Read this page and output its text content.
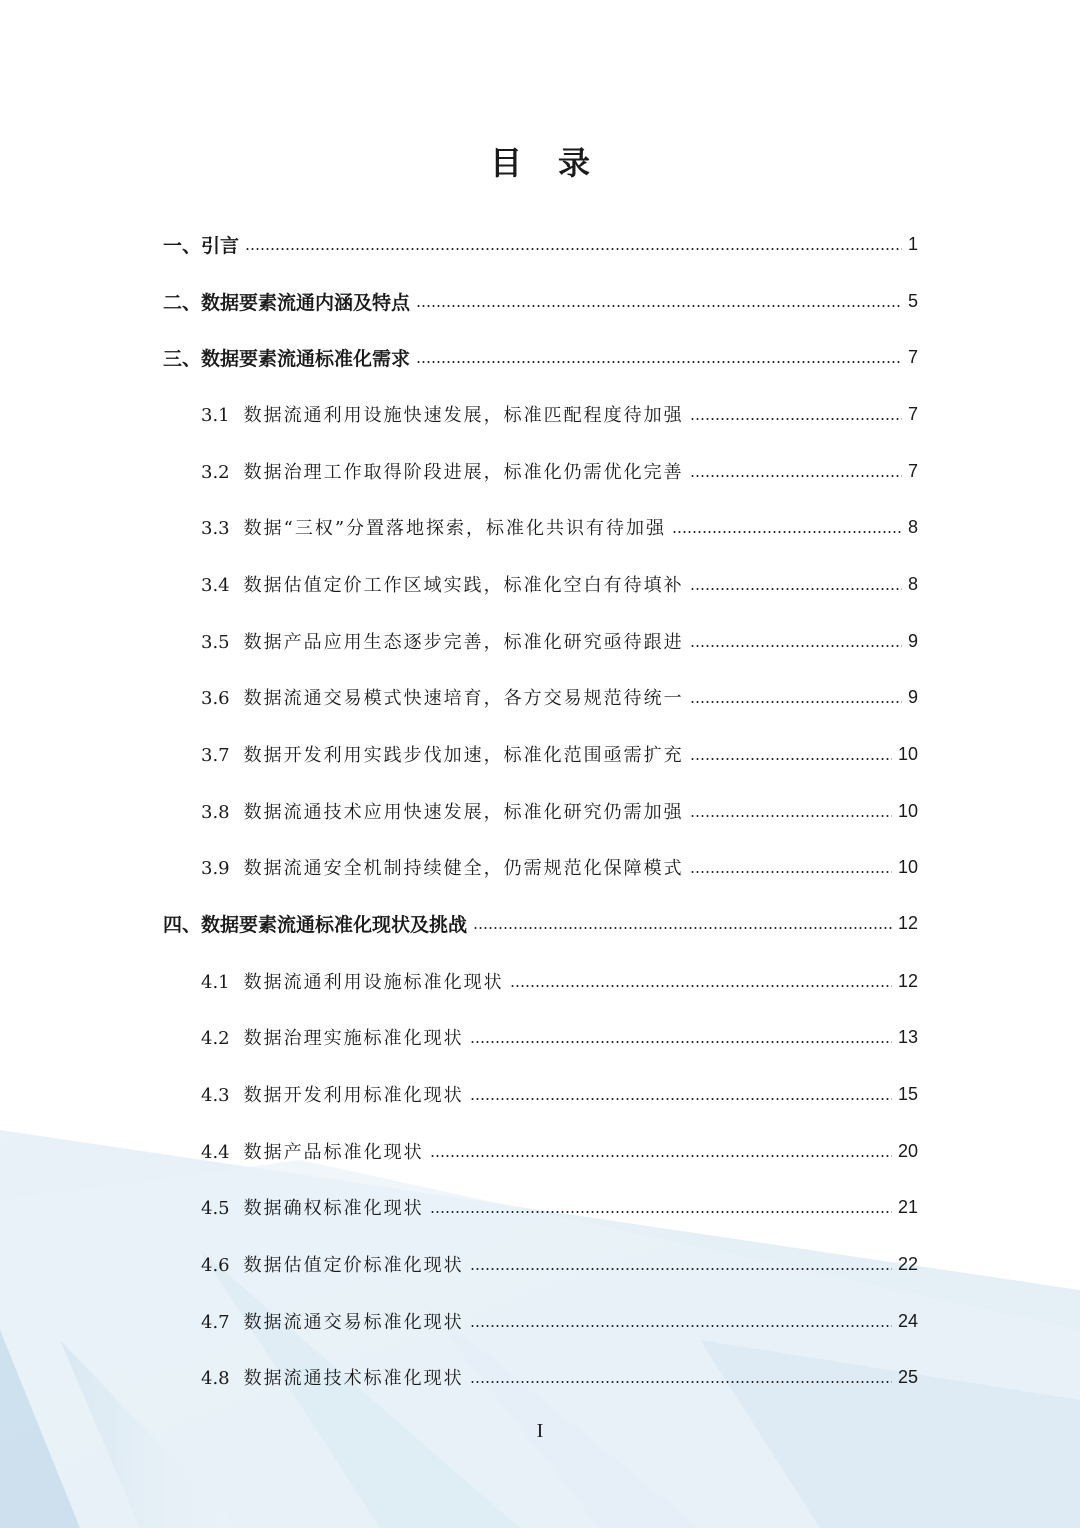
目 录
一、引言	1
二、数据要素流通内涵及特点	5
三、数据要素流通标准化需求	7
3.1 数据流通利用设施快速发展，标准匹配程度待加强	7
3.2 数据治理工作取得阶段进展，标准化仍需优化完善	7
3.3 数据“三权”分置落地探索，标准化共识有待加强	8
3.4 数据估值定价工作区域实践，标准化空白有待填补	8
3.5 数据产品应用生态逐步完善，标准化研究亟待跟进	9
3.6 数据流通交易模式快速培育，各方交易规范待统一	9
3.7 数据开发利用实践步伐加速，标准化范围亟需扩充	10
3.8 数据流通技术应用快速发展，标准化研究仍需加强	10
3.9 数据流通安全机制持续健全，仍需规范化保障模式	10
四、数据要素流通标准化现状及挑战	12
4.1 数据流通利用设施标准化现状	12
4.2 数据治理实施标准化现状	13
4.3 数据开发利用标准化现状	15
4.4 数据产品标准化现状	20
4.5 数据确权标准化现状	21
4.6 数据估值定价标准化现状	22
4.7 数据流通交易标准化现状	24
4.8 数据流通技术标准化现状	25
I
